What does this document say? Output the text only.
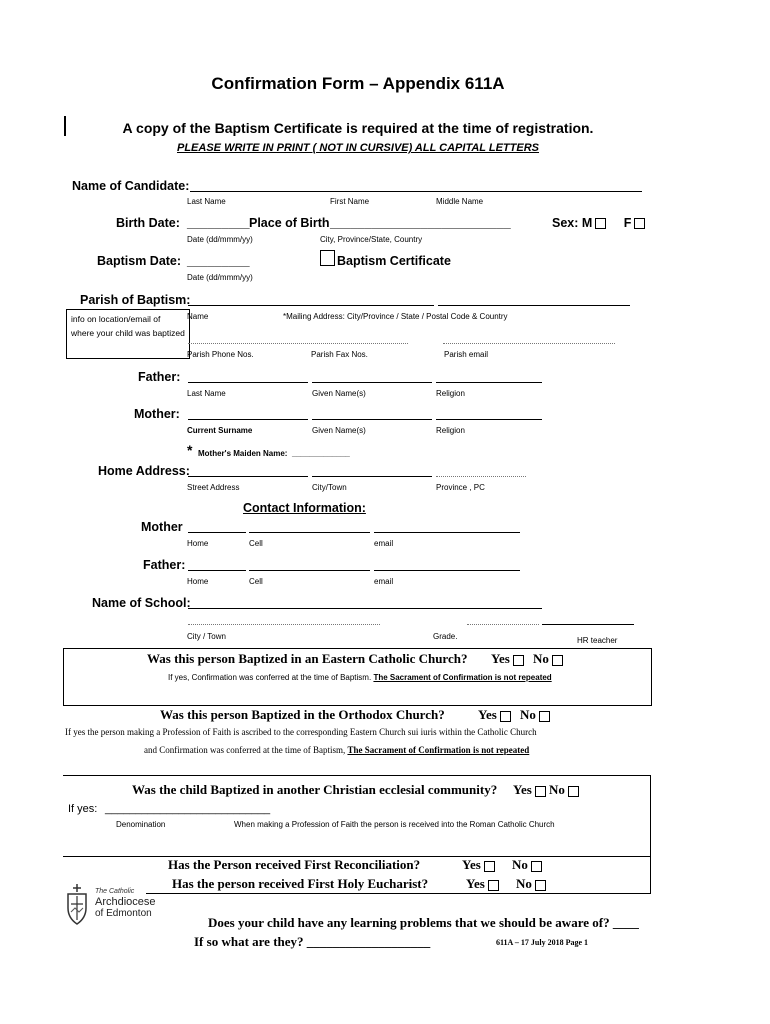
Confirmation Form – Appendix 611A
A copy of the Baptism Certificate is required at the time of registration.
PLEASE WRITE IN PRINT ( NOT IN CURSIVE) ALL CAPITAL LETTERS
Name of Candidate:
Last Name	First Name	Middle Name
Birth Date: _________ Place of Birth __________________________	Sex: M	F
Date (dd/mmm/yy)	City, Province/State, Country
Baptism Date: _________	Baptism Certificate
Date (dd/mmm/yy)
Parish of Baptism:
info on location/email of where your child was baptized
Name	*Mailing Address: City/Province / State / Postal Code & Country
Parish Phone Nos.	Parish Fax Nos.	Parish email
Father:
Last Name	Given Name(s)	Religion
Mother:
Current Surname	Given Name(s)	Religion
* Mother's Maiden Name: _____________
Home Address:
Street Address	City/Town	Province , PC
Contact Information:
Mother
Home	Cell	email
Father:
Home	Cell	email
Name of School:
City / Town	Grade.	HR teacher
Was this person Baptized in an Eastern Catholic Church? Yes No
If yes, Confirmation was conferred at the time of Baptism. The Sacrament of Confirmation is not repeated
Was this person Baptized in the Orthodox Church?	Yes No
If yes the person making a Profession of Faith is ascribed to the corresponding Eastern Church sui iuris within the Catholic Church
and Confirmation was conferred at the time of Baptism, The Sacrament of Confirmation is not repeated
Was the child Baptized in another Christian ecclesial community? Yes No
If yes: ___________________________
Denomination	When making a Profession of Faith the person is received into the Roman Catholic Church
Has the Person received First Reconciliation?	Yes No
Has the person received First Holy Eucharist?	Yes No
The Catholic
Archdiocese
of Edmonton
Does your child have any learning problems that we should be aware of? ____
If so what are they? ___________________	611A – 17 July 2018 Page 1
